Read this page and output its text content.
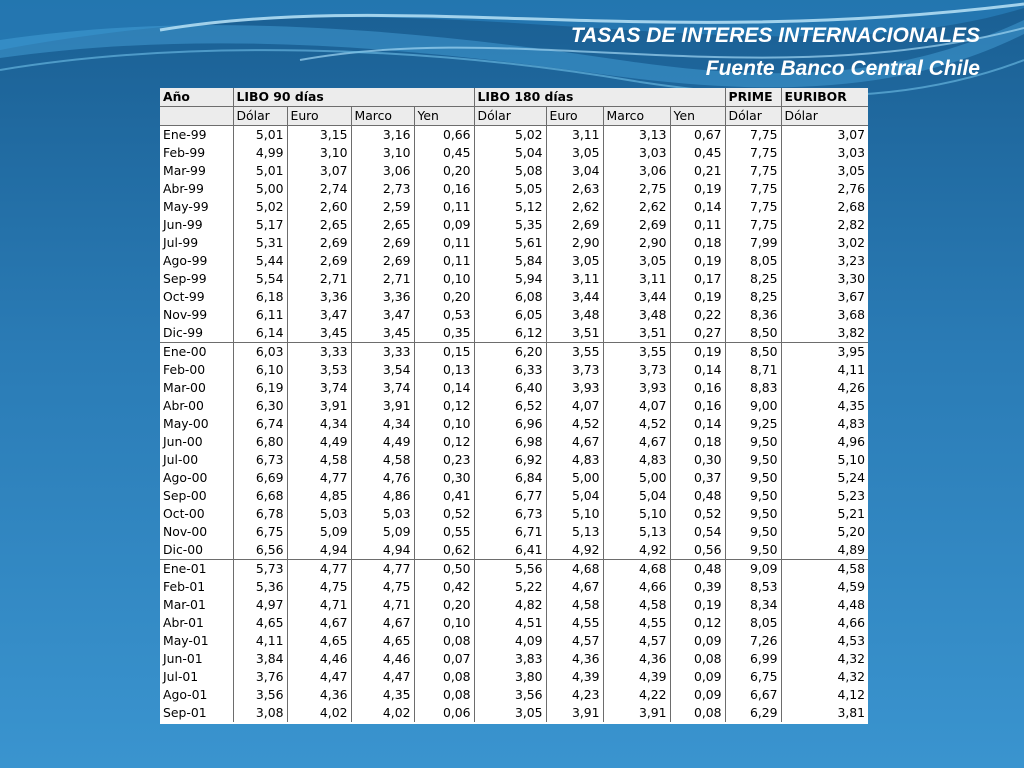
TASAS DE INTERES INTERNACIONALES
Fuente Banco Central Chile
Año	LIBO 90 días				LIBO 180 días				PRIME	EURIBOR
	Dólar	Euro	Marco	Yen	Dólar	Euro	Marco	Yen	Dólar	Dólar
Ene-99	5,01	3,15	3,16	0,66	5,02	3,11	3,13	0,67	7,75	3,07
Feb-99	4,99	3,10	3,10	0,45	5,04	3,05	3,03	0,45	7,75	3,03
Mar-99	5,01	3,07	3,06	0,20	5,08	3,04	3,06	0,21	7,75	3,05
Abr-99	5,00	2,74	2,73	0,16	5,05	2,63	2,75	0,19	7,75	2,76
May-99	5,02	2,60	2,59	0,11	5,12	2,62	2,62	0,14	7,75	2,68
Jun-99	5,17	2,65	2,65	0,09	5,35	2,69	2,69	0,11	7,75	2,82
Jul-99	5,31	2,69	2,69	0,11	5,61	2,90	2,90	0,18	7,99	3,02
Ago-99	5,44	2,69	2,69	0,11	5,84	3,05	3,05	0,19	8,05	3,23
Sep-99	5,54	2,71	2,71	0,10	5,94	3,11	3,11	0,17	8,25	3,30
Oct-99	6,18	3,36	3,36	0,20	6,08	3,44	3,44	0,19	8,25	3,67
Nov-99	6,11	3,47	3,47	0,53	6,05	3,48	3,48	0,22	8,36	3,68
Dic-99	6,14	3,45	3,45	0,35	6,12	3,51	3,51	0,27	8,50	3,82
Ene-00	6,03	3,33	3,33	0,15	6,20	3,55	3,55	0,19	8,50	3,95
Feb-00	6,10	3,53	3,54	0,13	6,33	3,73	3,73	0,14	8,71	4,11
Mar-00	6,19	3,74	3,74	0,14	6,40	3,93	3,93	0,16	8,83	4,26
Abr-00	6,30	3,91	3,91	0,12	6,52	4,07	4,07	0,16	9,00	4,35
May-00	6,74	4,34	4,34	0,10	6,96	4,52	4,52	0,14	9,25	4,83
Jun-00	6,80	4,49	4,49	0,12	6,98	4,67	4,67	0,18	9,50	4,96
Jul-00	6,73	4,58	4,58	0,23	6,92	4,83	4,83	0,30	9,50	5,10
Ago-00	6,69	4,77	4,76	0,30	6,84	5,00	5,00	0,37	9,50	5,24
Sep-00	6,68	4,85	4,86	0,41	6,77	5,04	5,04	0,48	9,50	5,23
Oct-00	6,78	5,03	5,03	0,52	6,73	5,10	5,10	0,52	9,50	5,21
Nov-00	6,75	5,09	5,09	0,55	6,71	5,13	5,13	0,54	9,50	5,20
Dic-00	6,56	4,94	4,94	0,62	6,41	4,92	4,92	0,56	9,50	4,89
Ene-01	5,73	4,77	4,77	0,50	5,56	4,68	4,68	0,48	9,09	4,58
Feb-01	5,36	4,75	4,75	0,42	5,22	4,67	4,66	0,39	8,53	4,59
Mar-01	4,97	4,71	4,71	0,20	4,82	4,58	4,58	0,19	8,34	4,48
Abr-01	4,65	4,67	4,67	0,10	4,51	4,55	4,55	0,12	8,05	4,66
May-01	4,11	4,65	4,65	0,08	4,09	4,57	4,57	0,09	7,26	4,53
Jun-01	3,84	4,46	4,46	0,07	3,83	4,36	4,36	0,08	6,99	4,32
Jul-01	3,76	4,47	4,47	0,08	3,80	4,39	4,39	0,09	6,75	4,32
Ago-01	3,56	4,36	4,35	0,08	3,56	4,23	4,22	0,09	6,67	4,12
Sep-01	3,08	4,02	4,02	0,06	3,05	3,91	3,91	0,08	6,29	3,81
